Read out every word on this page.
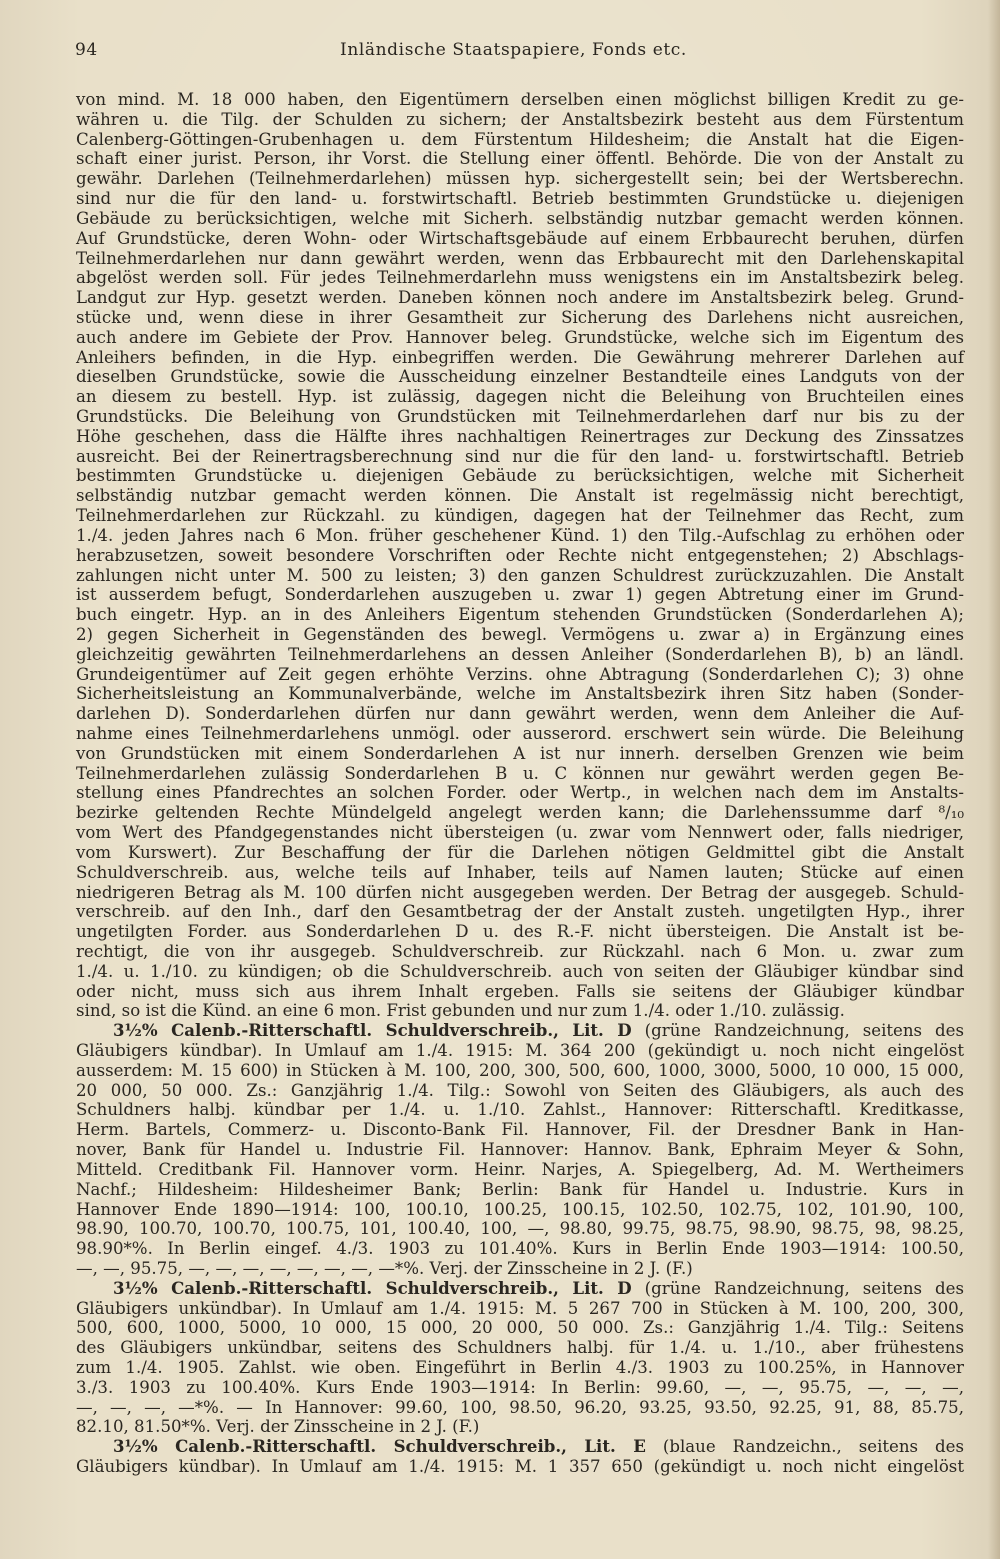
94	Inländische Staatspapiere, Fonds etc.
von mind. M. 18 000 haben, den Eigentümern derselben einen möglichst billigen Kredit zu ge-
währen u. die Tilg. der Schulden zu sichern; der Anstaltsbezirk besteht aus dem Fürstentum
Calenberg-Göttingen-Grubenhagen u. dem Fürstentum Hildesheim; die Anstalt hat die Eigen-
schaft einer jurist. Person, ihr Vorst. die Stellung einer öffentl. Behörde. Die von der Anstalt zu
gewähr. Darlehen (Teilnehmerdarlehen) müssen hyp. sichergestellt sein; bei der Wertsberechn.
sind nur die für den land- u. forstwirtschaftl. Betrieb bestimmten Grundstücke u. diejenigen
Gebäude zu berücksichtigen, welche mit Sicherh. selbständig nutzbar gemacht werden können.
Auf Grundstücke, deren Wohn- oder Wirtschaftsgebäude auf einem Erbbaurecht beruhen, dürfen
Teilnehmerdarlehen nur dann gewährt werden, wenn das Erbbaurecht mit den Darlehenskapital
abgelöst werden soll. Für jedes Teilnehmerdarlehn muss wenigstens ein im Anstaltsbezirk beleg.
Landgut zur Hyp. gesetzt werden. Daneben können noch andere im Anstaltsbezirk beleg. Grund-
stücke und, wenn diese in ihrer Gesamtheit zur Sicherung des Darlehens nicht ausreichen,
auch andere im Gebiete der Prov. Hannover beleg. Grundstücke, welche sich im Eigentum des
Anleihers befinden, in die Hyp. einbegriffen werden. Die Gewährung mehrerer Darlehen auf
dieselben Grundstücke, sowie die Ausscheidung einzelner Bestandteile eines Landguts von der
an diesem zu bestell. Hyp. ist zulässig, dagegen nicht die Beleihung von Bruchteilen eines
Grundstücks. Die Beleihung von Grundstücken mit Teilnehmerdarlehen darf nur bis zu der
Höhe geschehen, dass die Hälfte ihres nachhaltigen Reinertrages zur Deckung des Zinssatzes
ausreicht. Bei der Reinertragsberechnung sind nur die für den land- u. forstwirtschaftl. Betrieb
bestimmten Grundstücke u. diejenigen Gebäude zu berücksichtigen, welche mit Sicherheit
selbständig nutzbar gemacht werden können. Die Anstalt ist regelmässig nicht berechtigt,
Teilnehmerdarlehen zur Rückzahl. zu kündigen, dagegen hat der Teilnehmer das Recht, zum
1./4. jeden Jahres nach 6 Mon. früher geschehener Künd. 1) den Tilg.-Aufschlag zu erhöhen oder
herabzusetzen, soweit besondere Vorschriften oder Rechte nicht entgegenstehen; 2) Abschlags-
zahlungen nicht unter M. 500 zu leisten; 3) den ganzen Schuldrest zurückzuzahlen. Die Anstalt
ist ausserdem befugt, Sonderdarlehen auszugeben u. zwar 1) gegen Abtretung einer im Grund-
buch eingetr. Hyp. an in des Anleihers Eigentum stehenden Grundstücken (Sonderdarlehen A);
2) gegen Sicherheit in Gegenständen des bewegl. Vermögens u. zwar a) in Ergänzung eines
gleichzeitig gewährten Teilnehmerdarlehens an dessen Anleiher (Sonderdarlehen B), b) an ländl.
Grundeigentümer auf Zeit gegen erhöhte Verzins. ohne Abtragung (Sonderdarlehen C); 3) ohne
Sicherheitsleistung an Kommunalverbände, welche im Anstaltsbezirk ihren Sitz haben (Sonder-
darlehen D). Sonderdarlehen dürfen nur dann gewährt werden, wenn dem Anleiher die Auf-
nahme eines Teilnehmerdarlehens unmögl. oder ausserord. erschwert sein würde. Die Beleihung
von Grundstücken mit einem Sonderdarlehen A ist nur innerh. derselben Grenzen wie beim
Teilnehmerdarlehen zulässig Sonderdarlehen B u. C können nur gewährt werden gegen Be-
stellung eines Pfandrechtes an solchen Forder. oder Wertp., in welchen nach dem im Anstalts-
bezirke geltenden Rechte Mündelgeld angelegt werden kann; die Darlehenssumme darf ⁸/₁₀
vom Wert des Pfandgegenstandes nicht übersteigen (u. zwar vom Nennwert oder, falls niedriger,
vom Kurswert). Zur Beschaffung der für die Darlehen nötigen Geldmittel gibt die Anstalt
Schuldverschreib. aus, welche teils auf Inhaber, teils auf Namen lauten; Stücke auf einen
niedrigeren Betrag als M. 100 dürfen nicht ausgegeben werden. Der Betrag der ausgegeb. Schuld-
verschreib. auf den Inh., darf den Gesamtbetrag der der Anstalt zusteh. ungetilgten Hyp., ihrer
ungetilgten Forder. aus Sonderdarlehen D u. des R.-F. nicht übersteigen. Die Anstalt ist be-
rechtigt, die von ihr ausgegeb. Schuldverschreib. zur Rückzahl. nach 6 Mon. u. zwar zum
1./4. u. 1./10. zu kündigen; ob die Schuldverschreib. auch von seiten der Gläubiger kündbar sind
oder nicht, muss sich aus ihrem Inhalt ergeben. Falls sie seitens der Gläubiger kündbar
sind, so ist die Künd. an eine 6 mon. Frist gebunden und nur zum 1./4. oder 1./10. zulässig.
3½% Calenb.-Ritterschaftl. Schuldverschreib., Lit. D (grüne Randzeichnung, seitens des
Gläubigers kündbar). In Umlauf am 1./4. 1915: M. 364 200 (gekündigt u. noch nicht eingelöst
ausserdem: M. 15 600) in Stücken à M. 100, 200, 300, 500, 600, 1000, 3000, 5000, 10 000, 15 000,
20 000, 50 000. Zs.: Ganzjährig 1./4. Tilg.: Sowohl von Seiten des Gläubigers, als auch des
Schuldners halbj. kündbar per 1./4. u. 1./10. Zahlst., Hannover: Ritterschaftl. Kreditkasse,
Herm. Bartels, Commerz- u. Disconto-Bank Fil. Hannover, Fil. der Dresdner Bank in Han-
nover, Bank für Handel u. Industrie Fil. Hannover: Hannov. Bank, Ephraim Meyer & Sohn,
Mitteld. Creditbank Fil. Hannover vorm. Heinr. Narjes, A. Spiegelberg, Ad. M. Wertheimers
Nachf.; Hildesheim: Hildesheimer Bank; Berlin: Bank für Handel u. Industrie. Kurs in
Hannover Ende 1890—1914: 100, 100.10, 100.25, 100.15, 102.50, 102.75, 102, 101.90, 100,
98.90, 100.70, 100.70, 100.75, 101, 100.40, 100, —, 98.80, 99.75, 98.75, 98.90, 98.75, 98, 98.25,
98.90*%. In Berlin eingef. 4./3. 1903 zu 101.40%. Kurs in Berlin Ende 1903—1914: 100.50,
—, —, 95.75, —, —, —, —, —, —, —, —*%. Verj. der Zinsscheine in 2 J. (F.)
3½% Calenb.-Ritterschaftl. Schuldverschreib., Lit. D (grüne Randzeichnung, seitens des
Gläubigers unkündbar). In Umlauf am 1./4. 1915: M. 5 267 700 in Stücken à M. 100, 200, 300,
500, 600, 1000, 5000, 10 000, 15 000, 20 000, 50 000. Zs.: Ganzjährig 1./4. Tilg.: Seitens
des Gläubigers unkündbar, seitens des Schuldners halbj. für 1./4. u. 1./10., aber frühestens
zum 1./4. 1905. Zahlst. wie oben. Eingeführt in Berlin 4./3. 1903 zu 100.25%, in Hannover
3./3. 1903 zu 100.40%. Kurs Ende 1903—1914: In Berlin: 99.60, —, —, 95.75, —, —, —,
—, —, —, —*%. — In Hannover: 99.60, 100, 98.50, 96.20, 93.25, 93.50, 92.25, 91, 88, 85.75,
82.10, 81.50*%. Verj. der Zinsscheine in 2 J. (F.)
3½% Calenb.-Ritterschaftl. Schuldverschreib., Lit. E (blaue Randzeichn., seitens des
Gläubigers kündbar). In Umlauf am 1./4. 1915: M. 1 357 650 (gekündigt u. noch nicht eingelöst
